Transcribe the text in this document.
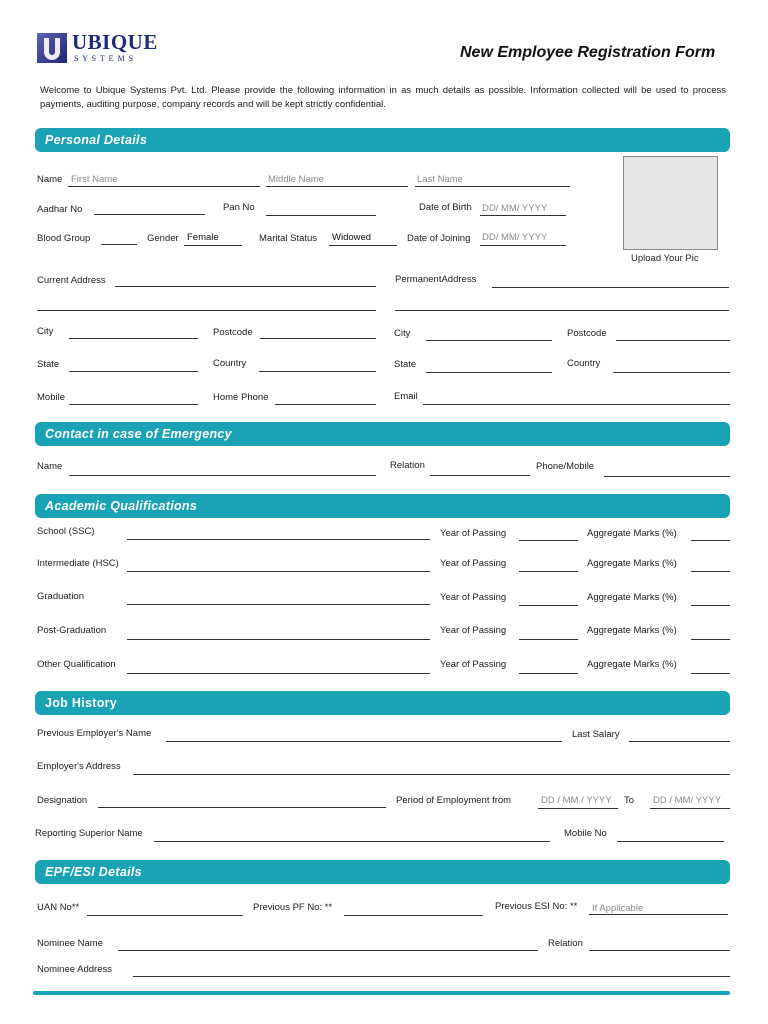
UBIQUE
S Y S T E M S	New Employee Registration Form
Welcome to Ubique Systems Pvt. Ltd. Please provide the following information in as much details as possible. Information collected will be used to process payments, auditing purpose, company records and will be kept strictly confidential.
Personal Details
Upload Your Pic
Name First Name	Middle Name	Last Name
Aadhar No	Pan No	Date of Birth DD/ MM/ YYYY
Blood Group	Gender Female	Marital Status Widowed	Date of Joining DD/ MM/ YYYY
Current Address	PermanentAddress
City	Postcode	City	Postcode
State	Country	State	Country
Mobile	Home Phone	Email
Contact in case of Emergency
Name	Relation	Phone/Mobile
Academic Qualifications
School (SSC)	Year of Passing	Aggregate Marks (%)
Intermediate (HSC)	Year of Passing	Aggregate Marks (%)
Graduation	Year of Passing	Aggregate Marks (%)
Post-Graduation	Year of Passing	Aggregate Marks (%)
Other Qualification	Year of Passing	Aggregate Marks (%)
Job History
Previous Employer's Name	Last Salary
Employer's Address
Designation	Period of Employment from	DD / MM / YYYY To DD / MM/ YYYY
Reporting Superior Name	Mobile No
EPF/ESI Details
UAN No**	Previous PF No: **	Previous ESI No: ** If Applicable
Nominee Name	Relation
Nominee Address
